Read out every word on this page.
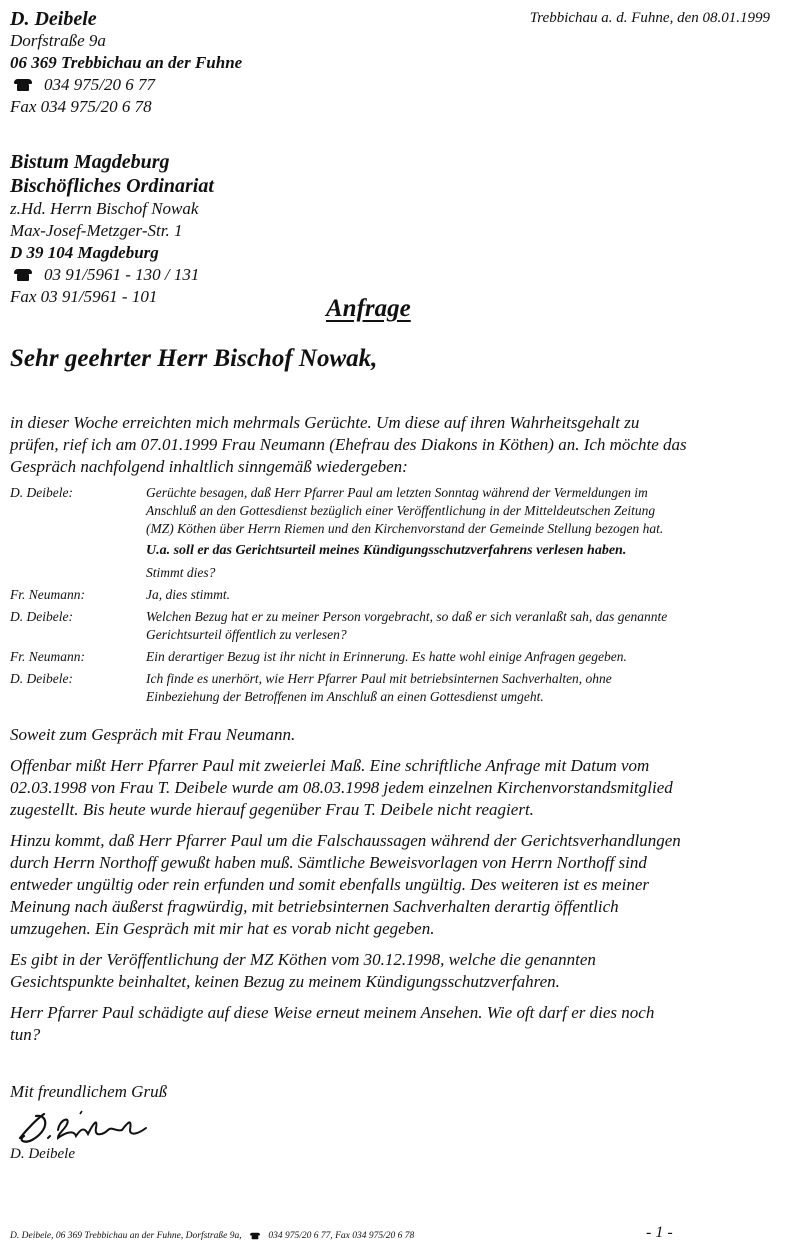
D. Deibele
Dorfstraße 9a
06 369 Trebbichau an der Fuhne
034 975/20 6 77
Fax 034 975/20 6 78
Trebbichau a. d. Fuhne, den 08.01.1999
Bistum Magdeburg
Bischöfliches Ordinariat
z.Hd. Herrn Bischof Nowak
Max-Josef-Metzger-Str. 1
D 39 104 Magdeburg
03 91/5961 - 130 / 131
Fax 03 91/5961 - 101	Anfrage
Sehr geehrter Herr Bischof Nowak,
in dieser Woche erreichten mich mehrmals Gerüchte. Um diese auf ihren Wahrheitsgehalt zu
prüfen, rief ich am 07.01.1999 Frau Neumann (Ehefrau des Diakons in Köthen) an. Ich möchte das
Gespräch nachfolgend inhaltlich sinngemäß wiedergeben:
D. Deibele:	Gerüchte besagen, daß Herr Pfarrer Paul am letzten Sonntag während der Vermeldungen im
Anschluß an den Gottesdienst bezüglich einer Veröffentlichung in der Mitteldeutschen Zeitung
(MZ) Köthen über Herrn Riemen und den Kirchenvorstand der Gemeinde Stellung bezogen hat.
U.a. soll er das Gerichtsurteil meines Kündigungsschutzverfahrens verlesen haben.
Stimmt dies?
Fr. Neumann:	Ja, dies stimmt.
D. Deibele:	Welchen Bezug hat er zu meiner Person vorgebracht, so daß er sich veranlaßt sah, das genannte
Gerichtsurteil öffentlich zu verlesen?
Fr. Neumann:	Ein derartiger Bezug ist ihr nicht in Erinnerung. Es hatte wohl einige Anfragen gegeben.
D. Deibele:	Ich finde es unerhört, wie Herr Pfarrer Paul mit betriebsinternen Sachverhalten, ohne
Einbeziehung der Betroffenen im Anschluß an einen Gottesdienst umgeht.
Soweit zum Gespräch mit Frau Neumann.
Offenbar mißt Herr Pfarrer Paul mit zweierlei Maß. Eine schriftliche Anfrage mit Datum vom
02.03.1998 von Frau T. Deibele wurde am 08.03.1998 jedem einzelnen Kirchenvorstandsmitglied
zugestellt. Bis heute wurde hierauf gegenüber Frau T. Deibele nicht reagiert.
Hinzu kommt, daß Herr Pfarrer Paul um die Falschaussagen während der Gerichtsverhandlungen
durch Herrn Northoff gewußt haben muß. Sämtliche Beweisvorlagen von Herrn Northoff sind
entweder ungültig oder rein erfunden und somit ebenfalls ungültig. Des weiteren ist es meiner
Meinung nach äußerst fragwürdig, mit betriebsinternen Sachverhalten derartig öffentlich
umzugehen. Ein Gespräch mit mir hat es vorab nicht gegeben.
Es gibt in der Veröffentlichung der MZ Köthen vom 30.12.1998, welche die genannten
Gesichtspunkte beinhaltet, keinen Bezug zu meinem Kündigungsschutzverfahren.
Herr Pfarrer Paul schädigte auf diese Weise erneut meinem Ansehen. Wie oft darf er dies noch
tun?
Mit freundlichem Gruß
D. Deibele
D. Deibele, 06 369 Trebbichau an der Fuhne, Dorfstraße 9a,	034 975/20 6 77, Fax 034 975/20 6 78	- 1 -
